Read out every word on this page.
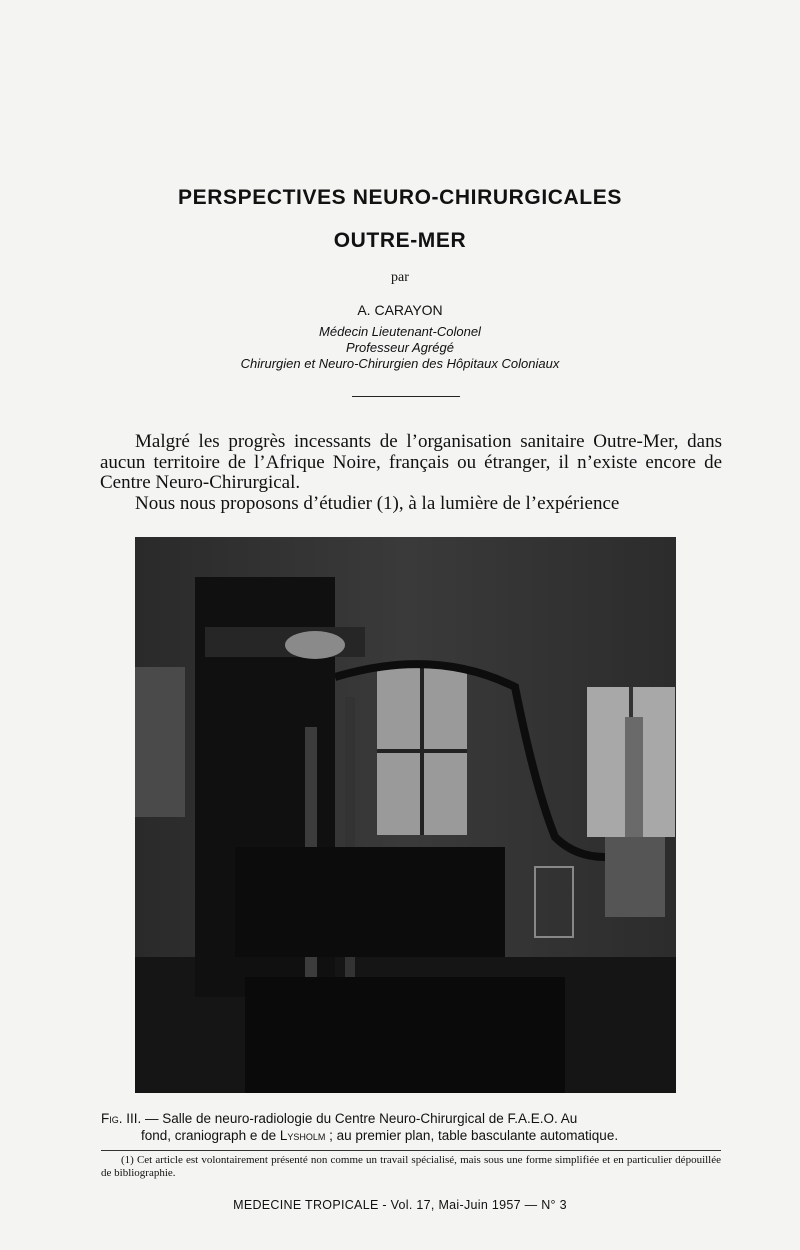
PERSPECTIVES NEURO-CHIRURGICALES
OUTRE-MER
par
A. CARAYON
Médecin Lieutenant-Colonel
Professeur Agrégé
Chirurgien et Neuro-Chirurgien des Hôpitaux Coloniaux

Malgré les progrès incessants de l’organisation sanitaire Outre-Mer, dans aucun territoire de l’Afrique Noire, français ou étranger, il n’existe encore de Centre Neuro-Chirurgical.

Nous nous proposons d’étudier (1), à la lumière de l’expérience

Fig. III. — Salle de neuro-radiologie du Centre Neuro-Chirurgical de F.A.E.O. Au
fond, craniograph e de Lysholm ; au premier plan, table basculante automatique.
(1) Cet article est volontairement présenté non comme un travail spécialisé, mais sous une forme simplifiée et en particulier dépouillée de bibliographie.
MEDECINE TROPICALE - Vol. 17, Mai-Juin 1957 — N° 3
